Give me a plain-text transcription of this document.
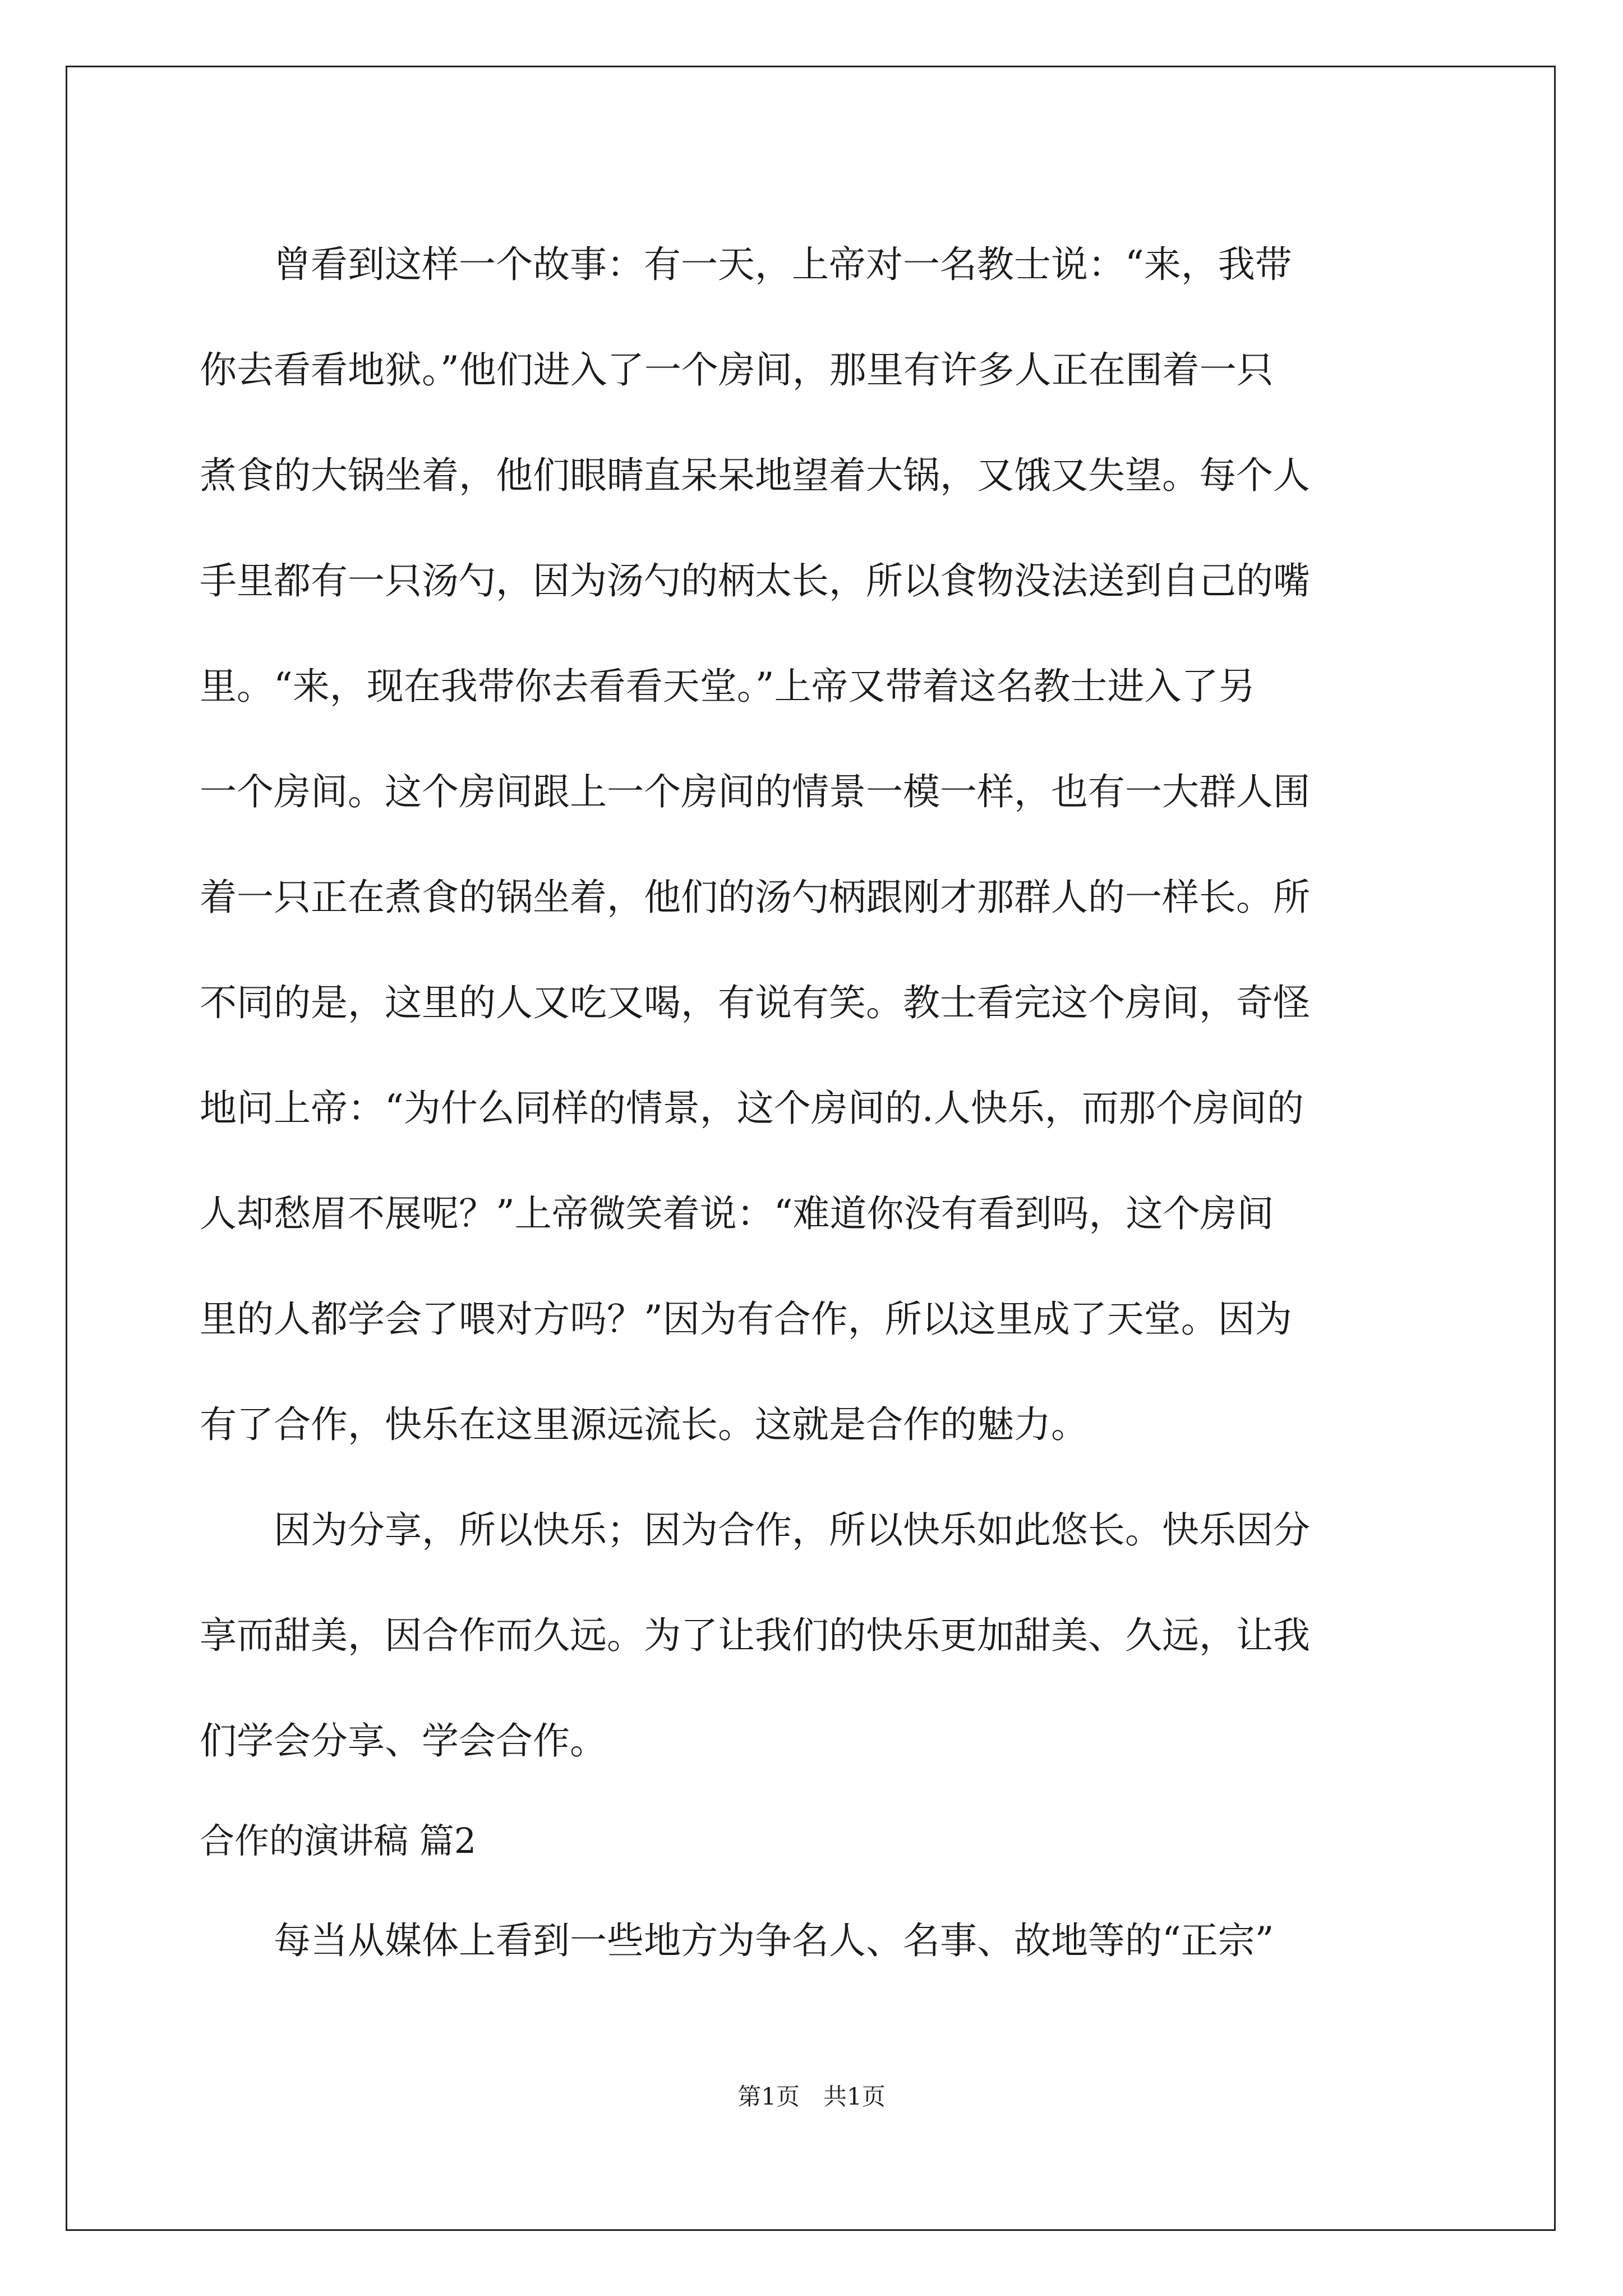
　　曾看到这样一个故事：有一天，上帝对一名教士说：“来，我带
你去看看地狱。”他们进入了一个房间，那里有许多人正在围着一只
煮食的大锅坐着，他们眼睛直呆呆地望着大锅，又饿又失望。每个人
手里都有一只汤勺，因为汤勺的柄太长，所以食物没法送到自己的嘴
里。“来，现在我带你去看看天堂。”上帝又带着这名教士进入了另
一个房间。这个房间跟上一个房间的情景一模一样，也有一大群人围
着一只正在煮食的锅坐着，他们的汤勺柄跟刚才那群人的一样长。所
不同的是，这里的人又吃又喝，有说有笑。教士看完这个房间，奇怪
地问上帝：“为什么同样的情景，这个房间的.人快乐，而那个房间的
人却愁眉不展呢？”上帝微笑着说：“难道你没有看到吗，这个房间
里的人都学会了喂对方吗？”因为有合作，所以这里成了天堂。因为
有了合作，快乐在这里源远流长。这就是合作的魅力。
　　因为分享，所以快乐；因为合作，所以快乐如此悠长。快乐因分
享而甜美，因合作而久远。为了让我们的快乐更加甜美、久远，让我
们学会分享、学会合作。
合作的演讲稿 篇2
　　每当从媒体上看到一些地方为争名人、名事、故地等的“正宗”
第1页　共1页
